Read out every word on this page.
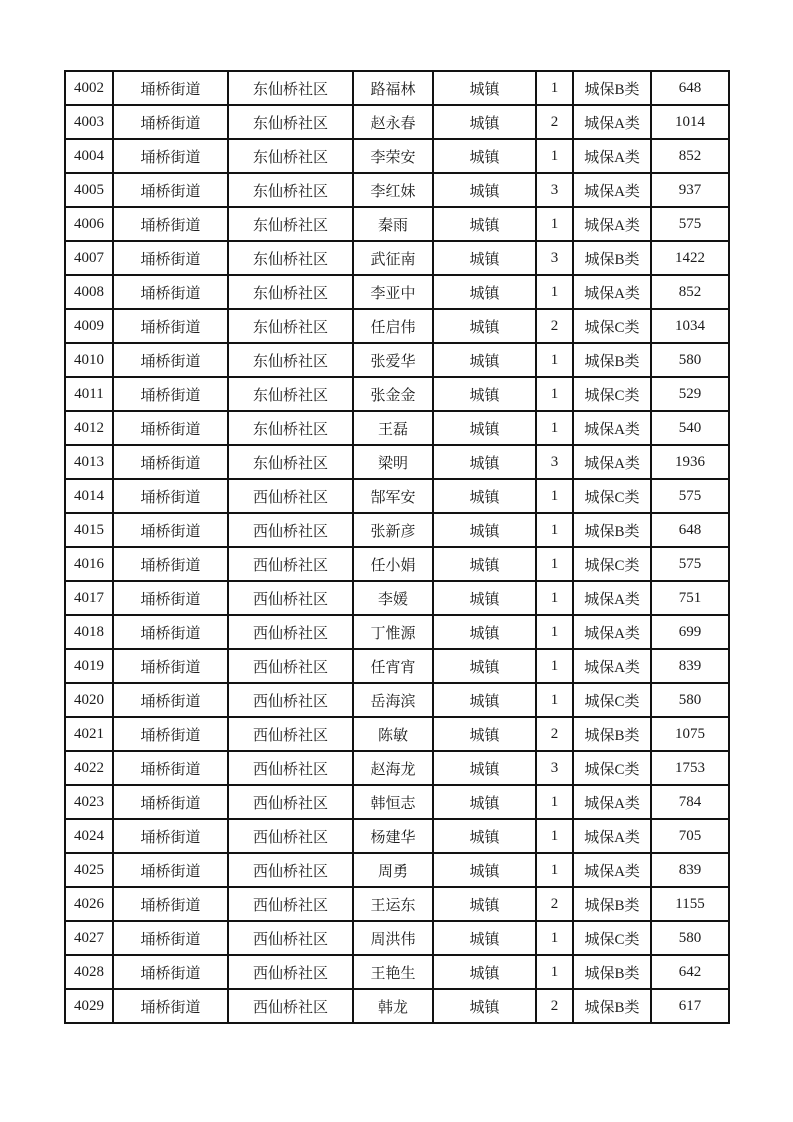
4002	埇桥街道	东仙桥社区	路福林	城镇	1	城保B类	648
4003	埇桥街道	东仙桥社区	赵永春	城镇	2	城保A类	1014
4004	埇桥街道	东仙桥社区	李荣安	城镇	1	城保A类	852
4005	埇桥街道	东仙桥社区	李红妹	城镇	3	城保A类	937
4006	埇桥街道	东仙桥社区	秦雨	城镇	1	城保A类	575
4007	埇桥街道	东仙桥社区	武征南	城镇	3	城保B类	1422
4008	埇桥街道	东仙桥社区	李亚中	城镇	1	城保A类	852
4009	埇桥街道	东仙桥社区	任启伟	城镇	2	城保C类	1034
4010	埇桥街道	东仙桥社区	张爱华	城镇	1	城保B类	580
4011	埇桥街道	东仙桥社区	张金金	城镇	1	城保C类	529
4012	埇桥街道	东仙桥社区	王磊	城镇	1	城保A类	540
4013	埇桥街道	东仙桥社区	梁明	城镇	3	城保A类	1936
4014	埇桥街道	西仙桥社区	郜军安	城镇	1	城保C类	575
4015	埇桥街道	西仙桥社区	张新彦	城镇	1	城保B类	648
4016	埇桥街道	西仙桥社区	任小娟	城镇	1	城保C类	575
4017	埇桥街道	西仙桥社区	李媛	城镇	1	城保A类	751
4018	埇桥街道	西仙桥社区	丁惟源	城镇	1	城保A类	699
4019	埇桥街道	西仙桥社区	任宵宵	城镇	1	城保A类	839
4020	埇桥街道	西仙桥社区	岳海滨	城镇	1	城保C类	580
4021	埇桥街道	西仙桥社区	陈敏	城镇	2	城保B类	1075
4022	埇桥街道	西仙桥社区	赵海龙	城镇	3	城保C类	1753
4023	埇桥街道	西仙桥社区	韩恒志	城镇	1	城保A类	784
4024	埇桥街道	西仙桥社区	杨建华	城镇	1	城保A类	705
4025	埇桥街道	西仙桥社区	周勇	城镇	1	城保A类	839
4026	埇桥街道	西仙桥社区	王运东	城镇	2	城保B类	1155
4027	埇桥街道	西仙桥社区	周洪伟	城镇	1	城保C类	580
4028	埇桥街道	西仙桥社区	王艳生	城镇	1	城保B类	642
4029	埇桥街道	西仙桥社区	韩龙	城镇	2	城保B类	617
